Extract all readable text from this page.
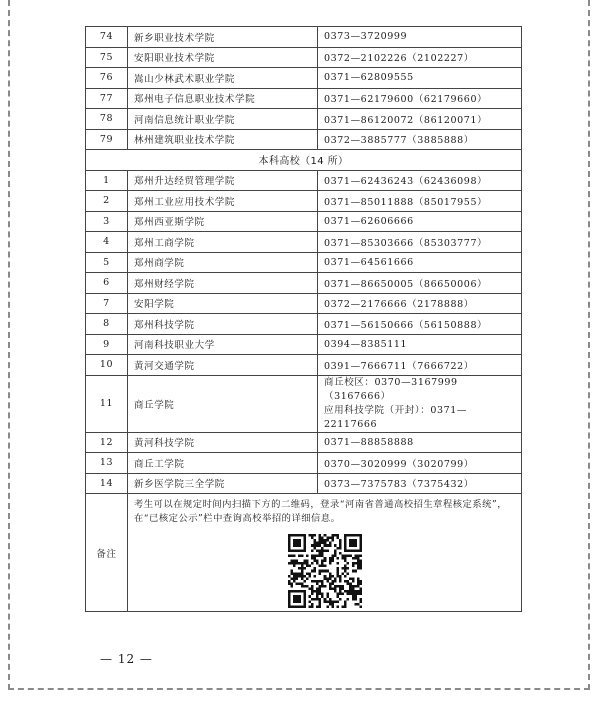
74	新乡职业技术学院	0373—3720999
75	安阳职业技术学院	0372—2102226（2102227）
76	嵩山少林武术职业学院	0371—62809555
77	郑州电子信息职业技术学院	0371—62179600（62179660）
78	河南信息统计职业学院	0371—86120072（86120071）
79	林州建筑职业技术学院	0372—3885777（3885888）
本科高校（14 所）		
1	郑州升达经贸管理学院	0371—62436243（62436098）
2	郑州工业应用技术学院	0371—85011888（85017955）
3	郑州西亚斯学院	0371—62606666
4	郑州工商学院	0371—85303666（85303777）
5	郑州商学院	0371—64561666
6	郑州财经学院	0371—86650005（86650006）
7	安阳学院	0372—2176666（2178888）
8	郑州科技学院	0371—56150666（56150888）
9	河南科技职业大学	0394—8385111
10	黄河交通学院	0391—7666711（7666722）
11	商丘学院	商丘校区：0370—3167999（3167666）
应用科技学院（开封）：0371—22117666

12	黄河科技学院	0371—88858888
13	商丘工学院	0370—3020999（3020799）
14	新乡医学院三全学院	0373—7375783（7375432）
备注	考生可以在规定时间内扫描下方的二维码，登录“河南省普通高校招生章程核定系统”，在“已核定公示”栏中查询高校举招的详细信息。	
— 12 —
